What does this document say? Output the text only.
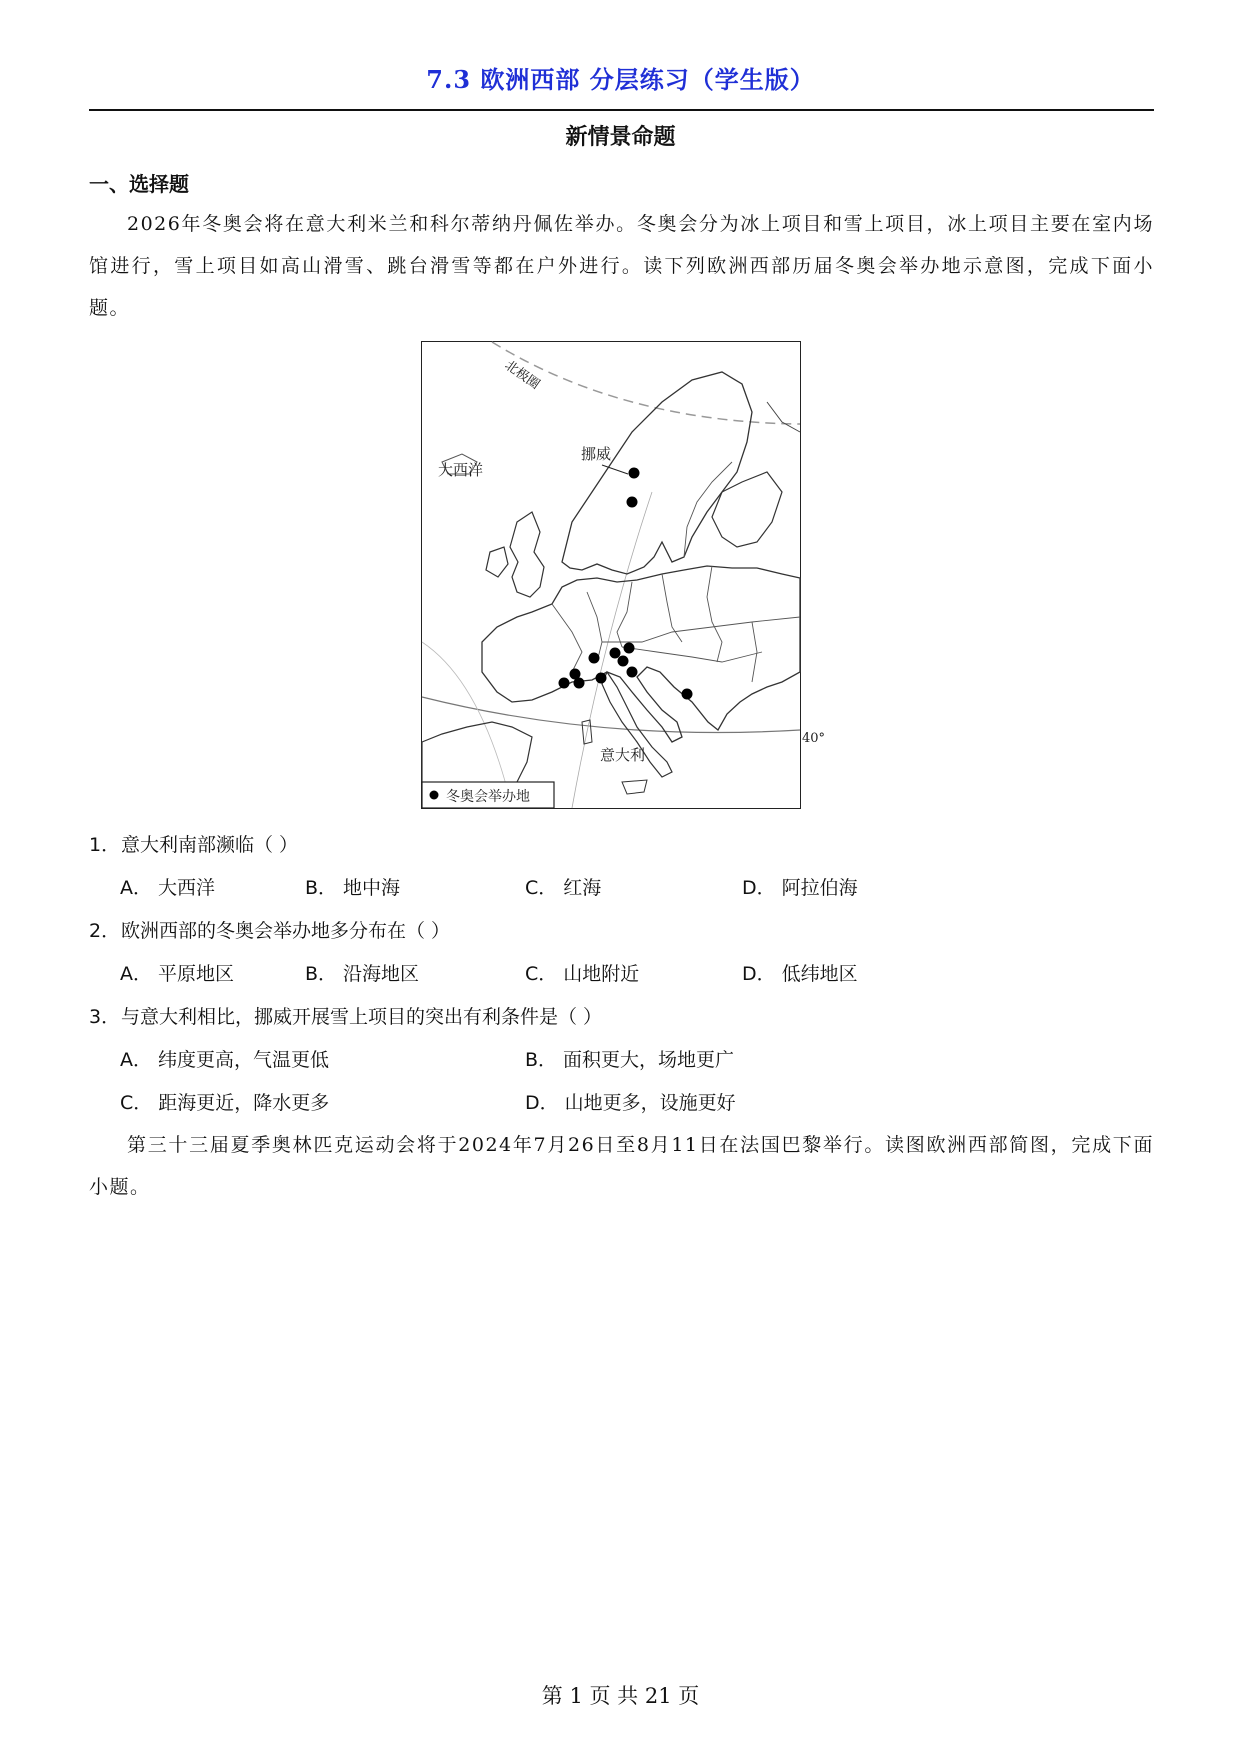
7.3 欧洲西部 分层练习（学生版）
新情景命题
一、选择题
2026年冬奥会将在意大利米兰和科尔蒂纳丹佩佐举办。冬奥会分为冰上项目和雪上项目，冰上项目主要在室内场馆进行，雪上项目如高山滑雪、跳台滑雪等都在户外进行。读下列欧洲西部历届冬奥会举办地示意图，完成下面小题。
北极圈
挪威
大西洋
意大利
40°
冬奥会举办地
1．意大利南部濒临（ ）
A． 大西洋	B． 地中海	C． 红海	D． 阿拉伯海
2．欧洲西部的冬奥会举办地多分布在（ ）
A． 平原地区	B． 沿海地区	C． 山地附近	D． 低纬地区
3．与意大利相比，挪威开展雪上项目的突出有利条件是（ ）
A． 纬度更高，气温更低	B． 面积更大，场地更广
C． 距海更近，降水更多	D． 山地更多，设施更好
第三十三届夏季奥林匹克运动会将于2024年7月26日至8月11日在法国巴黎举行。读图欧洲西部简图，完成下面小题。
第 1 页 共 21 页
